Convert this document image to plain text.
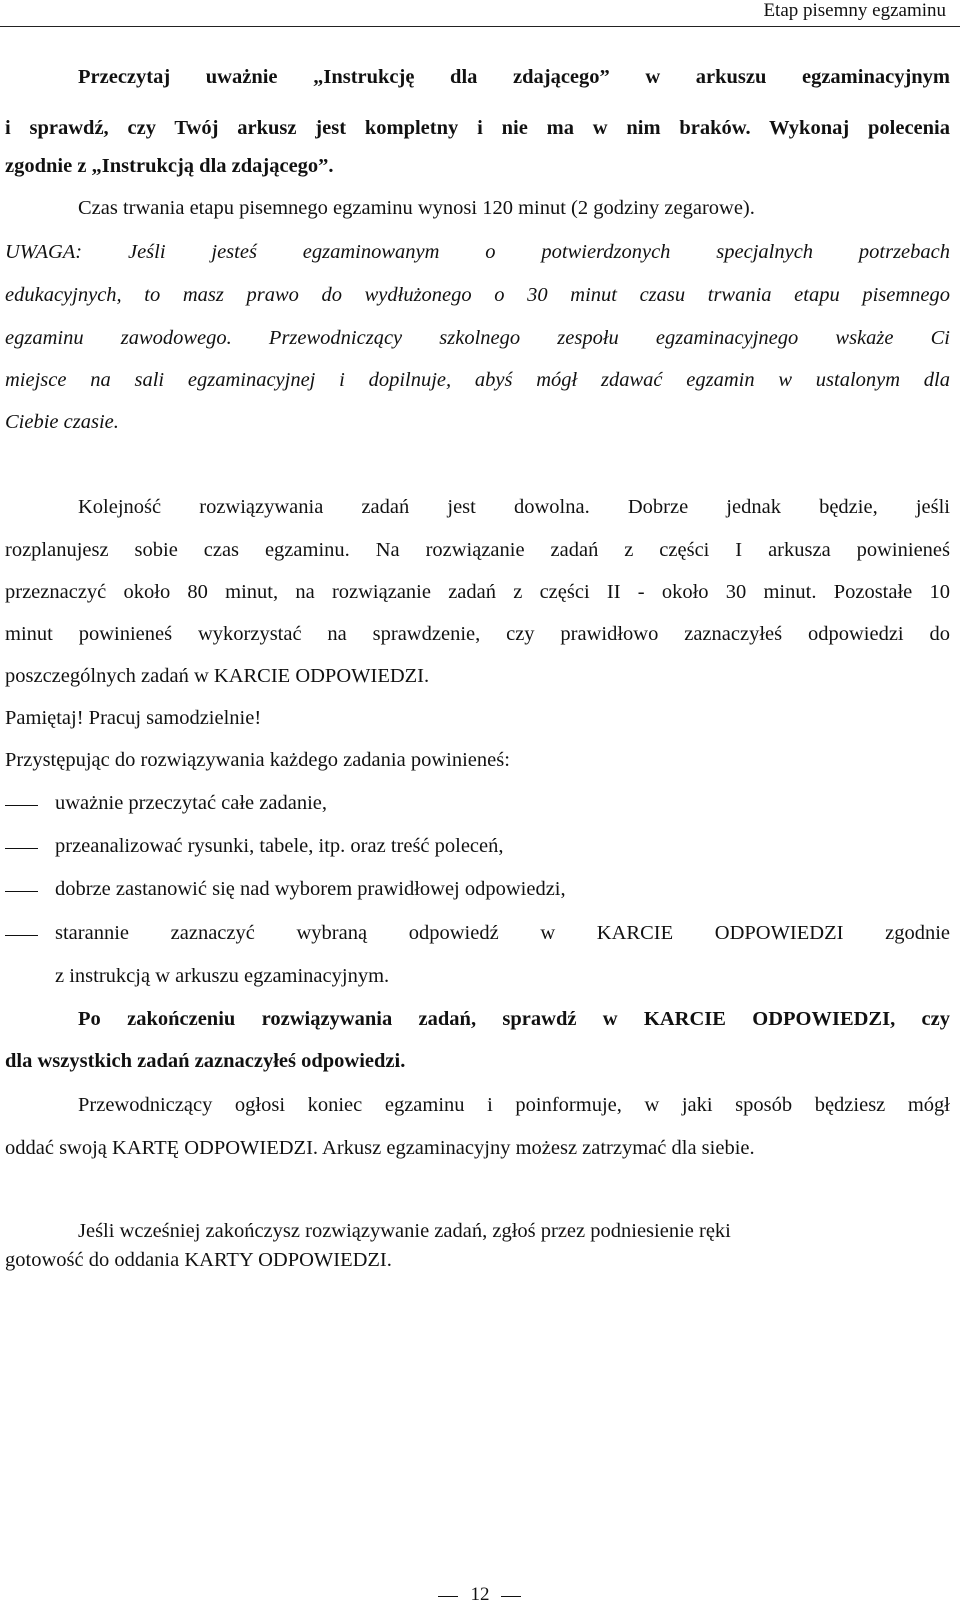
Etap pisemny egzaminu
Przeczytaj uważnie „Instrukcję dla zdającego” w arkuszu egzaminacyjnym
i sprawdź, czy Twój arkusz jest kompletny i nie ma w nim braków. Wykonaj polecenia
zgodnie z „Instrukcją dla zdającego”.
Czas trwania etapu pisemnego egzaminu wynosi 120 minut (2 godziny zegarowe).
UWAGA: Jeśli jesteś egzaminowanym o potwierdzonych specjalnych potrzebach
edukacyjnych, to masz prawo do wydłużonego o 30 minut czasu trwania etapu pisemnego
egzaminu zawodowego. Przewodniczący szkolnego zespołu egzaminacyjnego wskaże Ci
miejsce na sali egzaminacyjnej i dopilnuje, abyś mógł zdawać egzamin w ustalonym dla
Ciebie czasie.
Kolejność rozwiązywania zadań jest dowolna. Dobrze jednak będzie, jeśli
rozplanujesz sobie czas egzaminu. Na rozwiązanie zadań z części I arkusza powinieneś
przeznaczyć około 80 minut, na rozwiązanie zadań z części II - około 30 minut. Pozostałe 10
minut powinieneś wykorzystać na sprawdzenie, czy prawidłowo zaznaczyłeś odpowiedzi do
poszczególnych zadań w KARCIE ODPOWIEDZI.
Pamiętaj! Pracuj samodzielnie!
Przystępując do rozwiązywania każdego zadania powinieneś:
uważnie przeczytać całe zadanie,
przeanalizować rysunki, tabele, itp. oraz treść poleceń,
dobrze zastanowić się nad wyborem prawidłowej odpowiedzi,
starannie zaznaczyć wybraną odpowiedź w KARCIE ODPOWIEDZI zgodnie
z instrukcją w arkuszu egzaminacyjnym.
Po zakończeniu rozwiązywania zadań, sprawdź w KARCIE ODPOWIEDZI, czy
dla wszystkich zadań zaznaczyłeś odpowiedzi.
Przewodniczący ogłosi koniec egzaminu i poinformuje, w jaki sposób będziesz mógł
oddać swoją KARTĘ ODPOWIEDZI. Arkusz egzaminacyjny możesz zatrzymać dla siebie.
Jeśli wcześniej zakończysz rozwiązywanie zadań, zgłoś przez podniesienie ręki
gotowość do oddania KARTY ODPOWIEDZI.
12
